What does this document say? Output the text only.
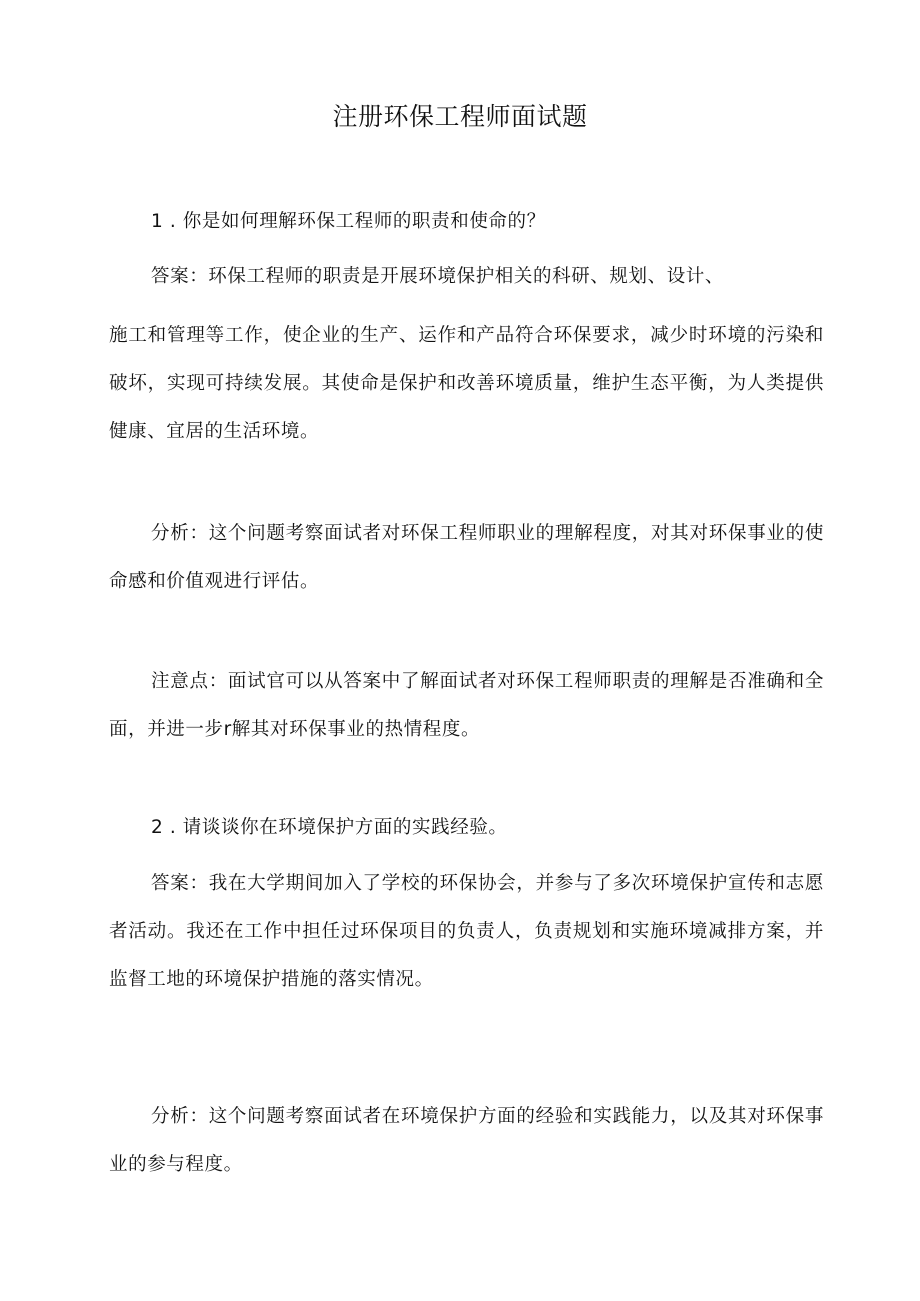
注册环保工程师面试题

1 . 你是如何理解环保工程师的职责和使命的？

答案：环保工程师的职责是开展环境保护相关的科研、规划、设计、

施工和管理等工作，使企业的生产、运作和产品符合环保要求，减少时环境的污染和破坏，实现可持续发展。其使命是保护和改善环境质量，维护生态平衡，为人类提供健康、宜居的生活环境。

分析：这个问题考察面试者对环保工程师职业的理解程度，对其对环保事业的使命感和价值观进行评估。

注意点：面试官可以从答案中了解面试者对环保工程师职责的理解是否准确和全面，并进一步r解其对环保事业的热情程度。

2 . 请谈谈你在环境保护方面的实践经验。

答案：我在大学期间加入了学校的环保协会，并参与了多次环境保护宣传和志愿者活动。我还在工作中担任过环保项目的负责人，负责规划和实施环境减排方案，并监督工地的环境保护措施的落实情况。

分析：这个问题考察面试者在环境保护方面的经验和实践能力，以及其对环保事业的参与程度。
